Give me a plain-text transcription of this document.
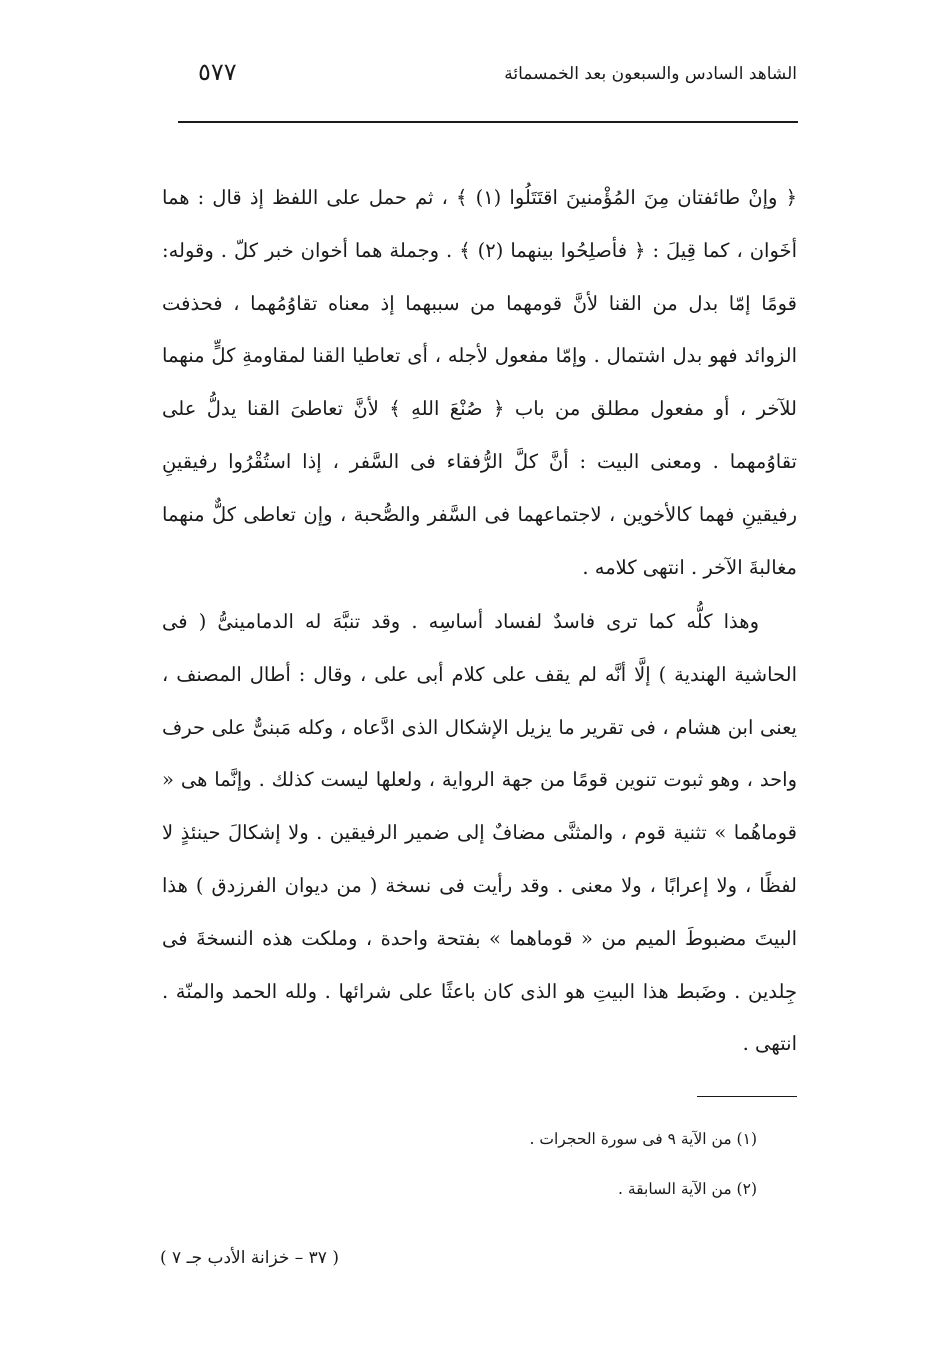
الشاهد السادس والسبعون بعد الخمسمائة
٥٧٧

﴿ وإنْ طائفتان مِنَ المُؤْمنينَ اقتَتَلُوا (١) ﴾ ، ثم حمل على اللفظ إذ قال : هما أخَوان ، كما قِيلَ : ﴿ فأصلِحُوا بينهما (٢) ﴾ . وجملة هما أخوان خبر كلّ . وقوله: قومًا إمّا بدل من القنا لأنَّ قومهما من سببهما إذ معناه تقاوُمُهما ، فحذفت الزوائد فهو بدل اشتمال . وإمّا مفعول لأجله ، أى تعاطيا القنا لمقاومةِ كلٍّ منهما للآخر ، أو مفعول مطلق من باب ﴿ صُنْعَ اللهِ ﴾ لأنَّ تعاطىَ القنا يدلُّ على تقاوُمهما . ومعنى البيت : أنَّ كلَّ الرُّفقاء فى السَّفر ، إذا استُقْرُوا رفيقينِ رفيقينِ فهما كالأخوين ، لاجتماعهما فى السَّفر والصُّحبة ، وإن تعاطى كلٌّ منهما مغالبةَ الآخر . انتهى كلامه .

وهذا كلُّه كما ترى فاسدٌ لفساد أساسِه . وقد تنبَّهَ له الدمامينىُّ ( فى الحاشية الهندية ) إلَّا أنَّه لم يقف على كلام أبى على ، وقال : أطال المصنف ، يعنى ابن هشام ، فى تقرير ما يزيل الإشكال الذى ادَّعاه ، وكله مَبنىٌّ على حرف واحد ، وهو ثبوت تنوين قومًا من جهة الرواية ، ولعلها ليست كذلك . وإنَّما هى « قوماهُما » تثنية قوم ، والمثنَّى مضافٌ إلى ضمير الرفيقين . ولا إشكالَ حينئذٍ لا لفظًا ، ولا إعرابًا ، ولا معنى . وقد رأيت فى نسخة ( من ديوان الفرزدق ) هذا البيتَ مضبوطَ الميم من « قوماهما » بفتحة واحدة ، وملكت هذه النسخةَ فى جِلدين . وضَبط هذا البيتِ هو الذى كان باعثًا على شرائها . ولله الحمد والمنّة . انتهى .

(١) من الآية ٩ فى سورة الحجرات .
(٢) من الآية السابقة .
( ٣٧ – خزانة الأدب جـ ٧ )
